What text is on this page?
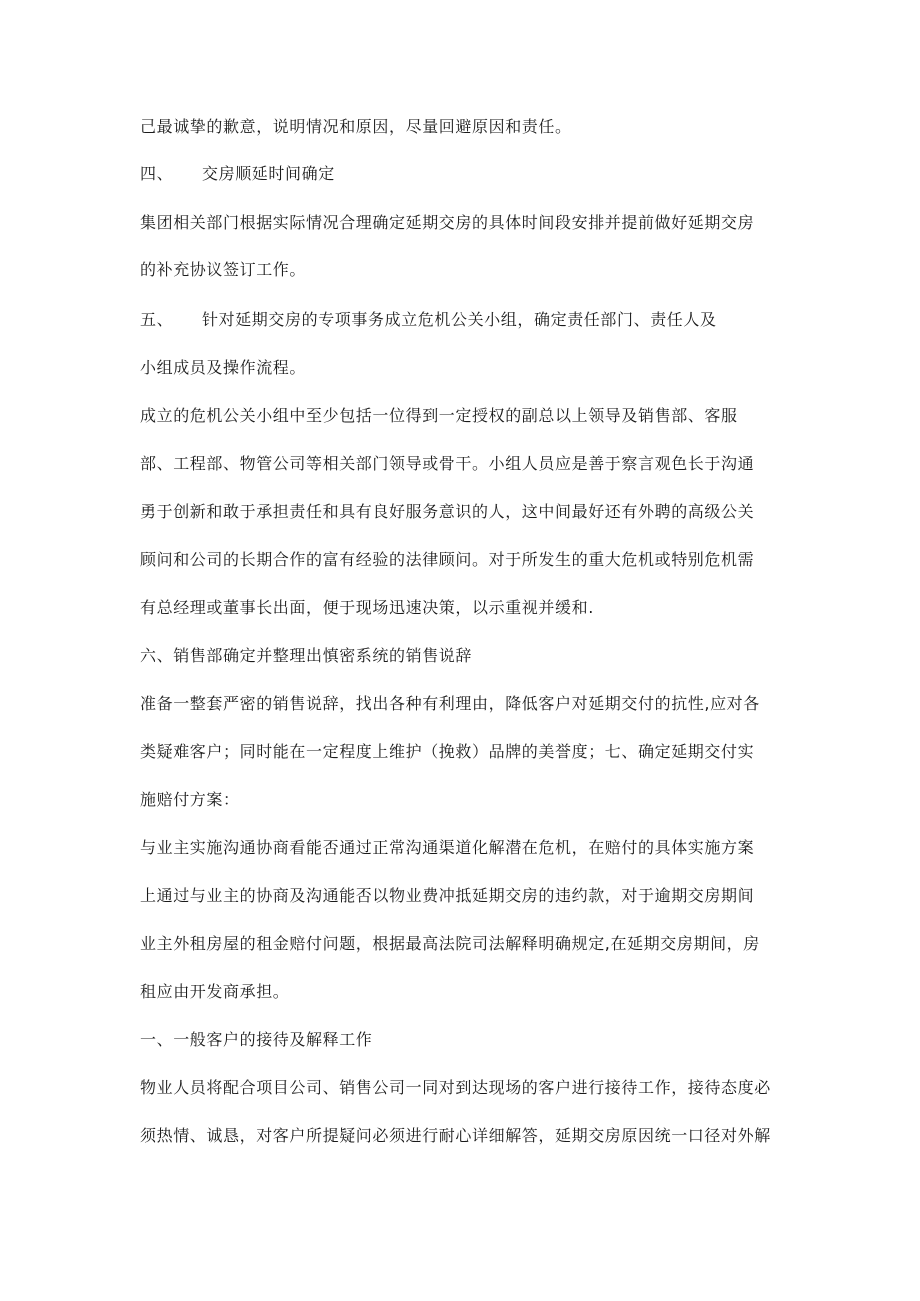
己最诚挚的歉意，说明情况和原因，尽量回避原因和责任。
四、 交房顺延时间确定
集团相关部门根据实际情况合理确定延期交房的具体时间段安排并提前做好延期交房
的补充协议签订工作。
五、 针对延期交房的专项事务成立危机公关小组，确定责任部门、责任人及
小组成员及操作流程。
成立的危机公关小组中至少包括一位得到一定授权的副总以上领导及销售部、客服
部、工程部、物管公司等相关部门领导或骨干。小组人员应是善于察言观色长于沟通
勇于创新和敢于承担责任和具有良好服务意识的人，这中间最好还有外聘的高级公关
顾问和公司的长期合作的富有经验的法律顾问。对于所发生的重大危机或特别危机需
有总经理或董事长出面，便于现场迅速决策，以示重视并缓和.
六、销售部确定并整理出慎密系统的销售说辞
准备一整套严密的销售说辞，找出各种有利理由，降低客户对延期交付的抗性,应对各
类疑难客户；同时能在一定程度上维护（挽救）品牌的美誉度；七、确定延期交付实
施赔付方案：
与业主实施沟通协商看能否通过正常沟通渠道化解潜在危机，在赔付的具体实施方案
上通过与业主的协商及沟通能否以物业费冲抵延期交房的违约款，对于逾期交房期间
业主外租房屋的租金赔付问题，根据最高法院司法解释明确规定,在延期交房期间，房
租应由开发商承担。
一、一般客户的接待及解释工作
物业人员将配合项目公司、销售公司一同对到达现场的客户进行接待工作，接待态度必
须热情、诚恳，对客户所提疑问必须进行耐心详细解答，延期交房原因统一口径对外解
